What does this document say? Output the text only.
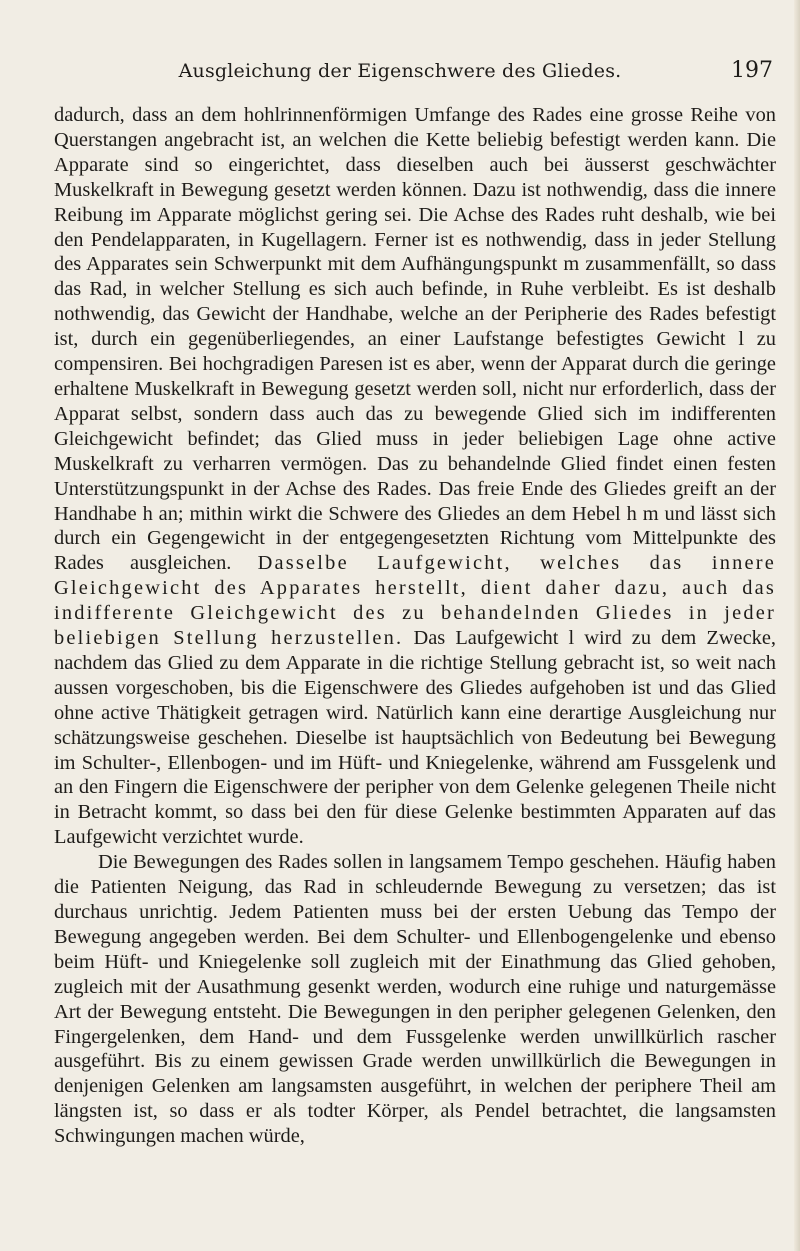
Ausgleichung der Eigenschwere des Gliedes.	197

dadurch, dass an dem hohlrinnenförmigen Umfange des Rades eine grosse Reihe von Querstangen angebracht ist, an welchen die Kette beliebig befestigt werden kann. Die Apparate sind so eingerichtet, dass dieselben auch bei äusserst geschwächter Muskelkraft in Bewegung gesetzt werden können. Dazu ist nothwendig, dass die innere Reibung im Apparate möglichst gering sei. Die Achse des Rades ruht deshalb, wie bei den Pendelapparaten, in Kugellagern. Ferner ist es nothwendig, dass in jeder Stellung des Apparates sein Schwerpunkt mit dem Aufhängungspunkt m zusammenfällt, so dass das Rad, in welcher Stellung es sich auch befinde, in Ruhe verbleibt. Es ist deshalb nothwendig, das Gewicht der Handhabe, welche an der Peripherie des Rades befestigt ist, durch ein gegenüberliegendes, an einer Laufstange befestigtes Gewicht l zu compensiren. Bei hochgradigen Paresen ist es aber, wenn der Apparat durch die geringe erhaltene Muskelkraft in Bewegung gesetzt werden soll, nicht nur erforderlich, dass der Apparat selbst, sondern dass auch das zu bewegende Glied sich im indifferenten Gleichgewicht befindet; das Glied muss in jeder beliebigen Lage ohne active Muskelkraft zu verharren vermögen. Das zu behandelnde Glied findet einen festen Unterstützungspunkt in der Achse des Rades. Das freie Ende des Gliedes greift an der Handhabe h an; mithin wirkt die Schwere des Gliedes an dem Hebel h m und lässt sich durch ein Gegengewicht in der entgegengesetzten Richtung vom Mittelpunkte des Rades ausgleichen. Dasselbe Laufgewicht, welches das innere Gleichgewicht des Apparates herstellt, dient daher dazu, auch das indifferente Gleichgewicht des zu behandelnden Gliedes in jeder beliebigen Stellung herzustellen. Das Laufgewicht l wird zu dem Zwecke, nachdem das Glied zu dem Apparate in die richtige Stellung gebracht ist, so weit nach aussen vorgeschoben, bis die Eigenschwere des Gliedes aufgehoben ist und das Glied ohne active Thätigkeit getragen wird. Natürlich kann eine derartige Ausgleichung nur schätzungsweise geschehen. Dieselbe ist hauptsächlich von Bedeutung bei Bewegung im Schulter-, Ellenbogen- und im Hüft- und Kniegelenke, während am Fussgelenk und an den Fingern die Eigenschwere der peripher von dem Gelenke gelegenen Theile nicht in Betracht kommt, so dass bei den für diese Gelenke bestimmten Apparaten auf das Laufgewicht verzichtet wurde.

Die Bewegungen des Rades sollen in langsamem Tempo geschehen. Häufig haben die Patienten Neigung, das Rad in schleudernde Bewegung zu versetzen; das ist durchaus unrichtig. Jedem Patienten muss bei der ersten Uebung das Tempo der Bewegung angegeben werden. Bei dem Schulter- und Ellenbogengelenke und ebenso beim Hüft- und Kniegelenke soll zugleich mit der Einathmung das Glied gehoben, zugleich mit der Ausathmung gesenkt werden, wodurch eine ruhige und naturgemässe Art der Bewegung entsteht. Die Bewegungen in den peripher gelegenen Gelenken, den Fingergelenken, dem Hand- und dem Fussgelenke werden unwillkürlich rascher ausgeführt. Bis zu einem gewissen Grade werden unwillkürlich die Bewegungen in denjenigen Gelenken am langsamsten ausgeführt, in welchen der periphere Theil am längsten ist, so dass er als todter Körper, als Pendel betrachtet, die langsamsten Schwingungen machen würde,
